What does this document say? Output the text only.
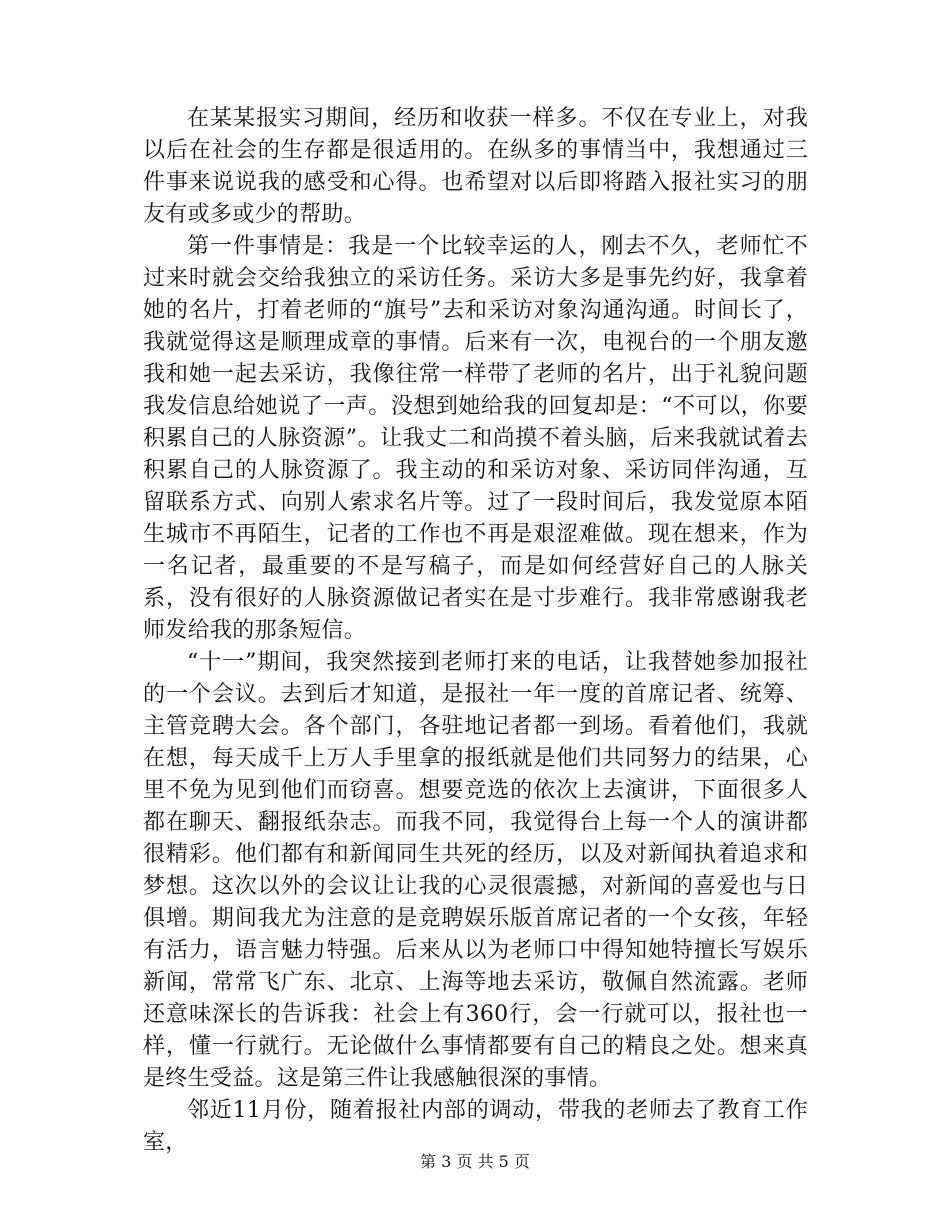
在某某报实习期间，经历和收获一样多。不仅在专业上，对我以后在社会的生存都是很适用的。在纵多的事情当中，我想通过三件事来说说我的感受和心得。也希望对以后即将踏入报社实习的朋友有或多或少的帮助。

第一件事情是：我是一个比较幸运的人，刚去不久，老师忙不过来时就会交给我独立的采访任务。采访大多是事先约好，我拿着她的名片，打着老师的“旗号”去和采访对象沟通沟通。时间长了，我就觉得这是顺理成章的事情。后来有一次，电视台的一个朋友邀我和她一起去采访，我像往常一样带了老师的名片，出于礼貌问题我发信息给她说了一声。没想到她给我的回复却是：“不可以，你要积累自己的人脉资源”。让我丈二和尚摸不着头脑，后来我就试着去积累自己的人脉资源了。我主动的和采访对象、采访同伴沟通，互留联系方式、向别人索求名片等。过了一段时间后，我发觉原本陌生城市不再陌生，记者的工作也不再是艰涩难做。现在想来，作为一名记者，最重要的不是写稿子，而是如何经营好自己的人脉关系，没有很好的人脉资源做记者实在是寸步难行。我非常感谢我老师发给我的那条短信。

“十一”期间，我突然接到老师打来的电话，让我替她参加报社的一个会议。去到后才知道，是报社一年一度的首席记者、统筹、主管竞聘大会。各个部门，各驻地记者都一到场。看着他们，我就在想，每天成千上万人手里拿的报纸就是他们共同努力的结果，心里不免为见到他们而窃喜。想要竞选的依次上去演讲，下面很多人都在聊天、翻报纸杂志。而我不同，我觉得台上每一个人的演讲都很精彩。他们都有和新闻同生共死的经历，以及对新闻执着追求和梦想。这次以外的会议让让我的心灵很震撼，对新闻的喜爱也与日俱增。期间我尤为注意的是竞聘娱乐版首席记者的一个女孩，年轻有活力，语言魅力特强。后来从以为老师口中得知她特擅长写娱乐新闻，常常飞广东、北京、上海等地去采访，敬佩自然流露。老师还意味深长的告诉我：社会上有360行，会一行就可以，报社也一样，懂一行就行。无论做什么事情都要有自己的精良之处。想来真是终生受益。这是第三件让我感触很深的事情。

邻近11月份，随着报社内部的调动，带我的老师去了教育工作室，

第 3 页 共 5 页
